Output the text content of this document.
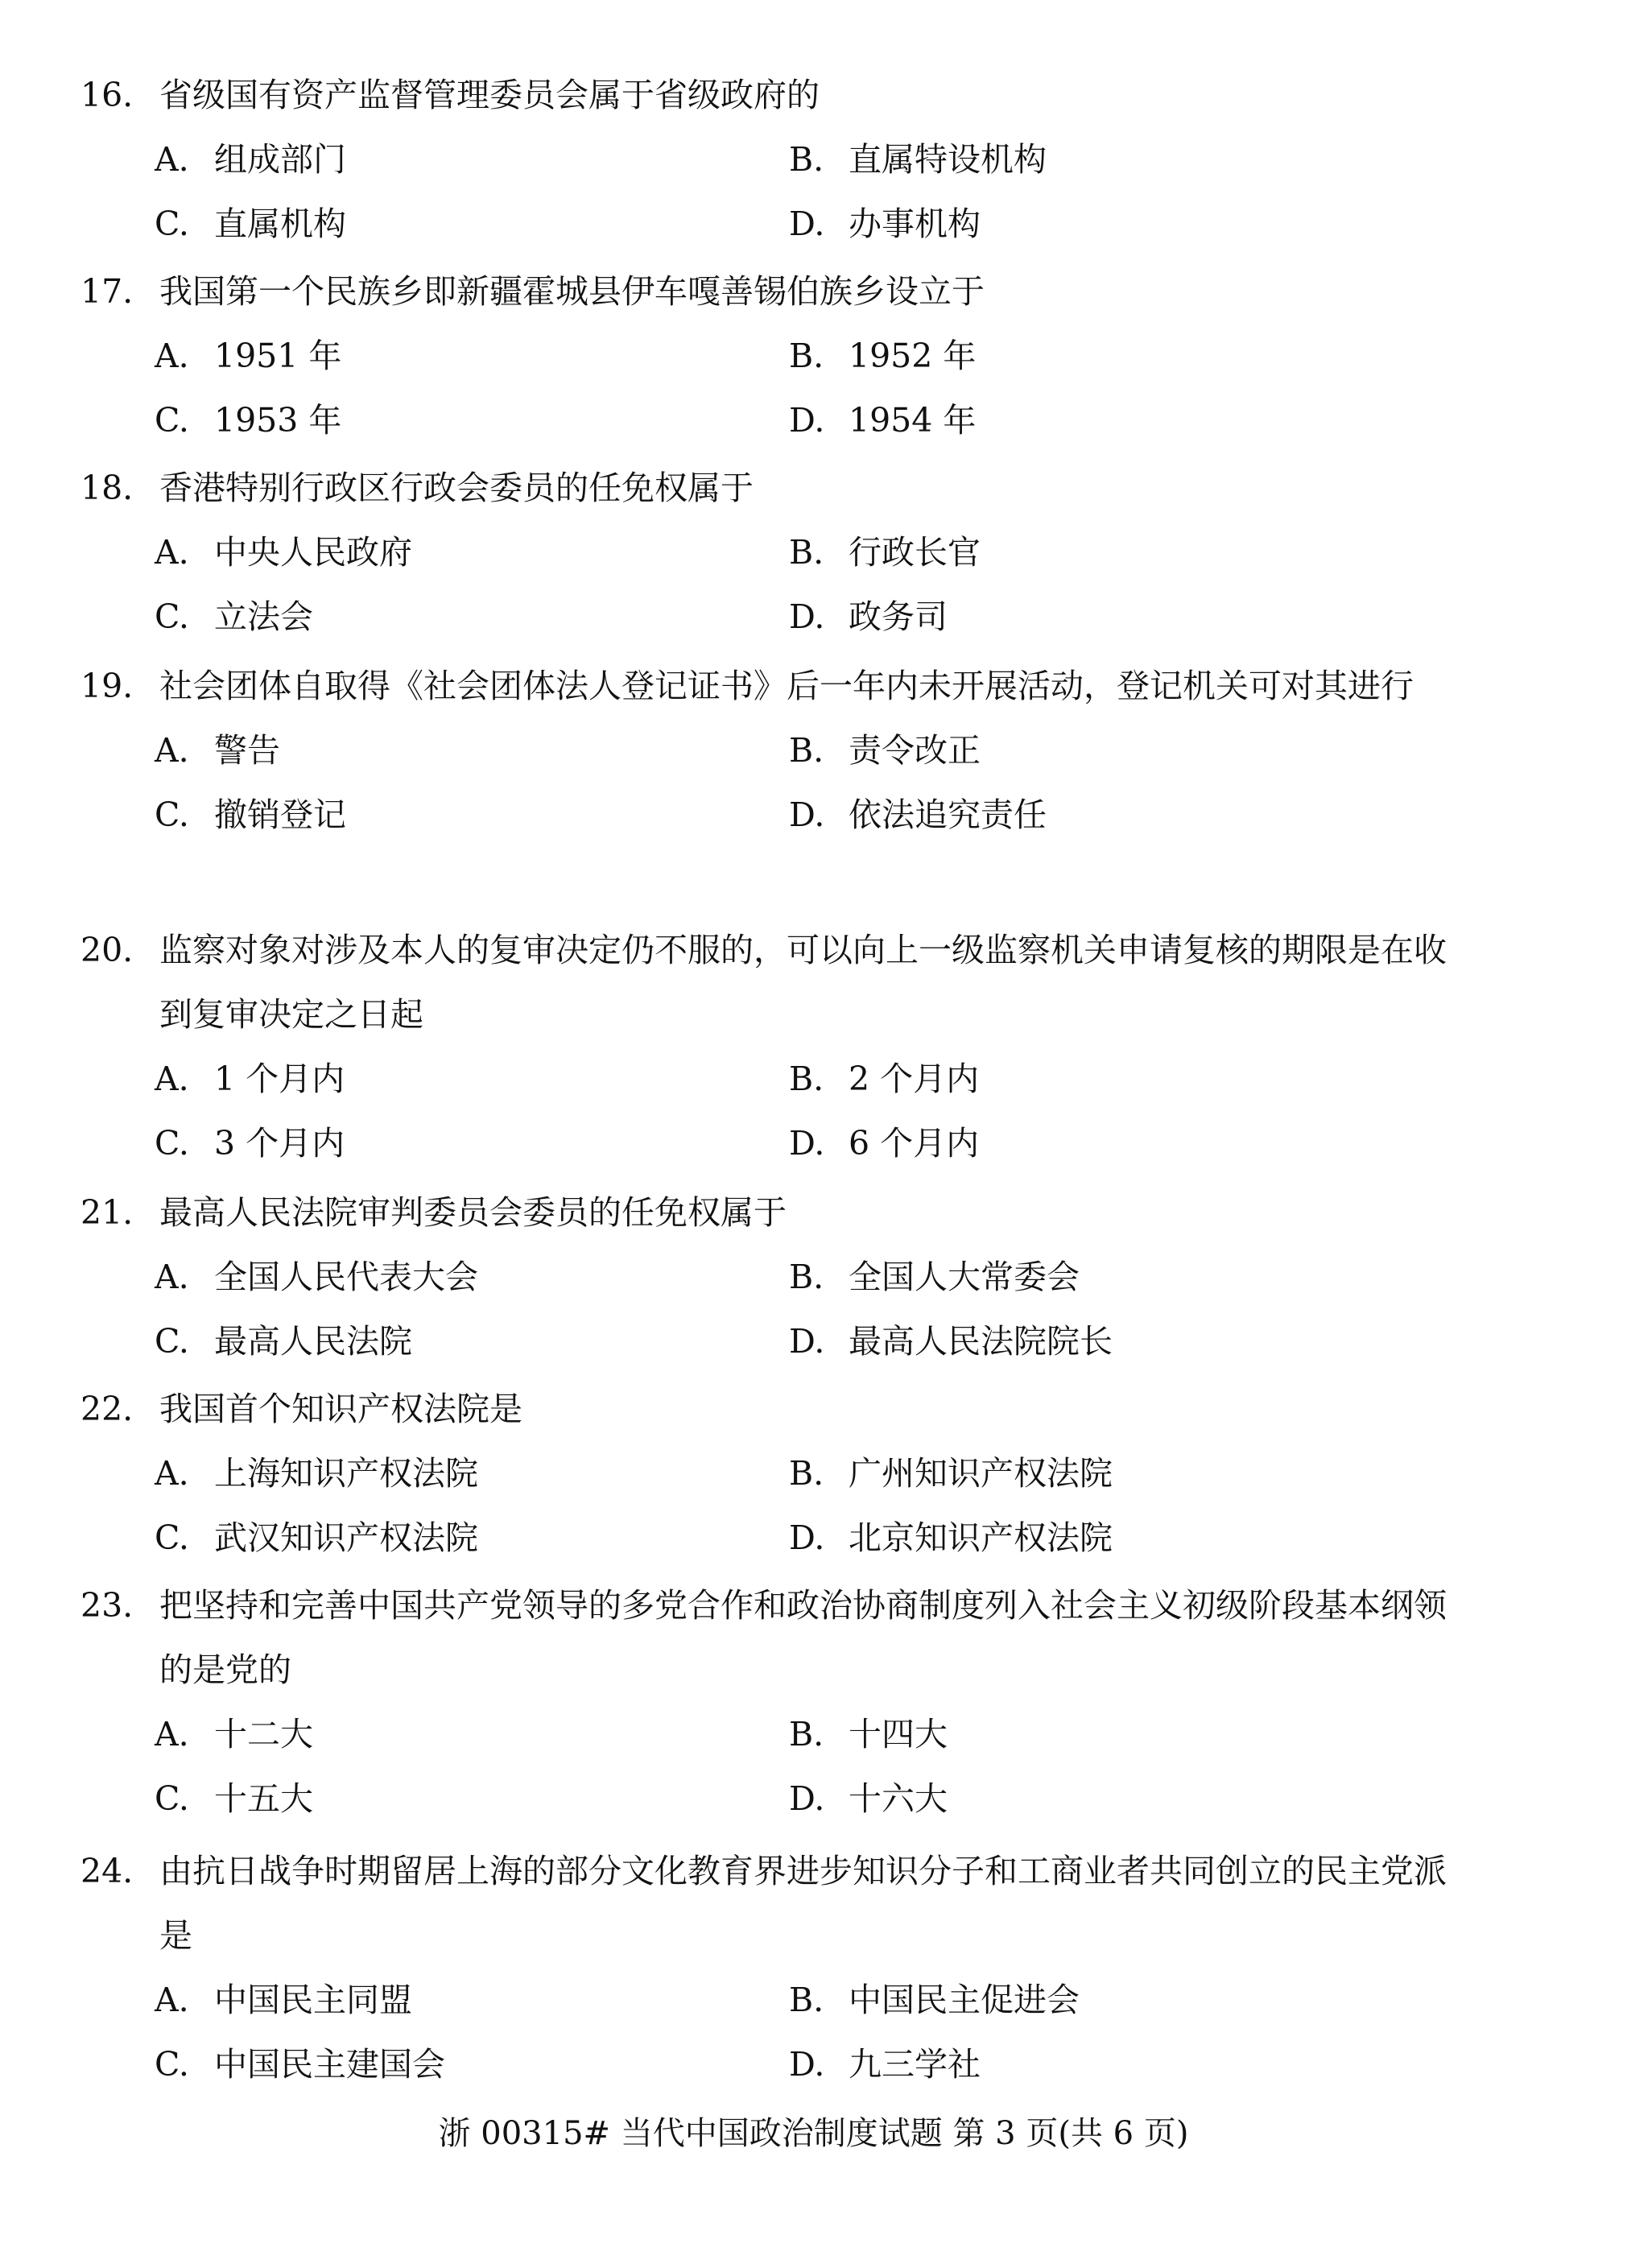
16. 省级国有资产监督管理委员会属于省级政府的
A. 组成部门	B. 直属特设机构
C. 直属机构	D. 办事机构
17. 我国第一个民族乡即新疆霍城县伊车嘎善锡伯族乡设立于
A. 1951 年	B. 1952 年
C. 1953 年	D. 1954 年
18. 香港特别行政区行政会委员的任免权属于
A. 中央人民政府	B. 行政长官
C. 立法会	D. 政务司
19. 社会团体自取得《社会团体法人登记证书》后一年内未开展活动，登记机关可对其进行
A. 警告	B. 责令改正
C. 撤销登记	D. 依法追究责任
20. 监察对象对涉及本人的复审决定仍不服的，可以向上一级监察机关申请复核的期限是在收到复审决定之日起
A. 1 个月内	B. 2 个月内
C. 3 个月内	D. 6 个月内
21. 最高人民法院审判委员会委员的任免权属于
A. 全国人民代表大会	B. 全国人大常委会
C. 最高人民法院	D. 最高人民法院院长
22. 我国首个知识产权法院是
A. 上海知识产权法院	B. 广州知识产权法院
C. 武汉知识产权法院	D. 北京知识产权法院
23. 把坚持和完善中国共产党领导的多党合作和政治协商制度列入社会主义初级阶段基本纲领的是党的
A. 十二大	B. 十四大
C. 十五大	D. 十六大
24. 由抗日战争时期留居上海的部分文化教育界进步知识分子和工商业者共同创立的民主党派是
A. 中国民主同盟	B. 中国民主促进会
C. 中国民主建国会	D. 九三学社
浙 00315# 当代中国政治制度试题 第 3 页(共 6 页)
